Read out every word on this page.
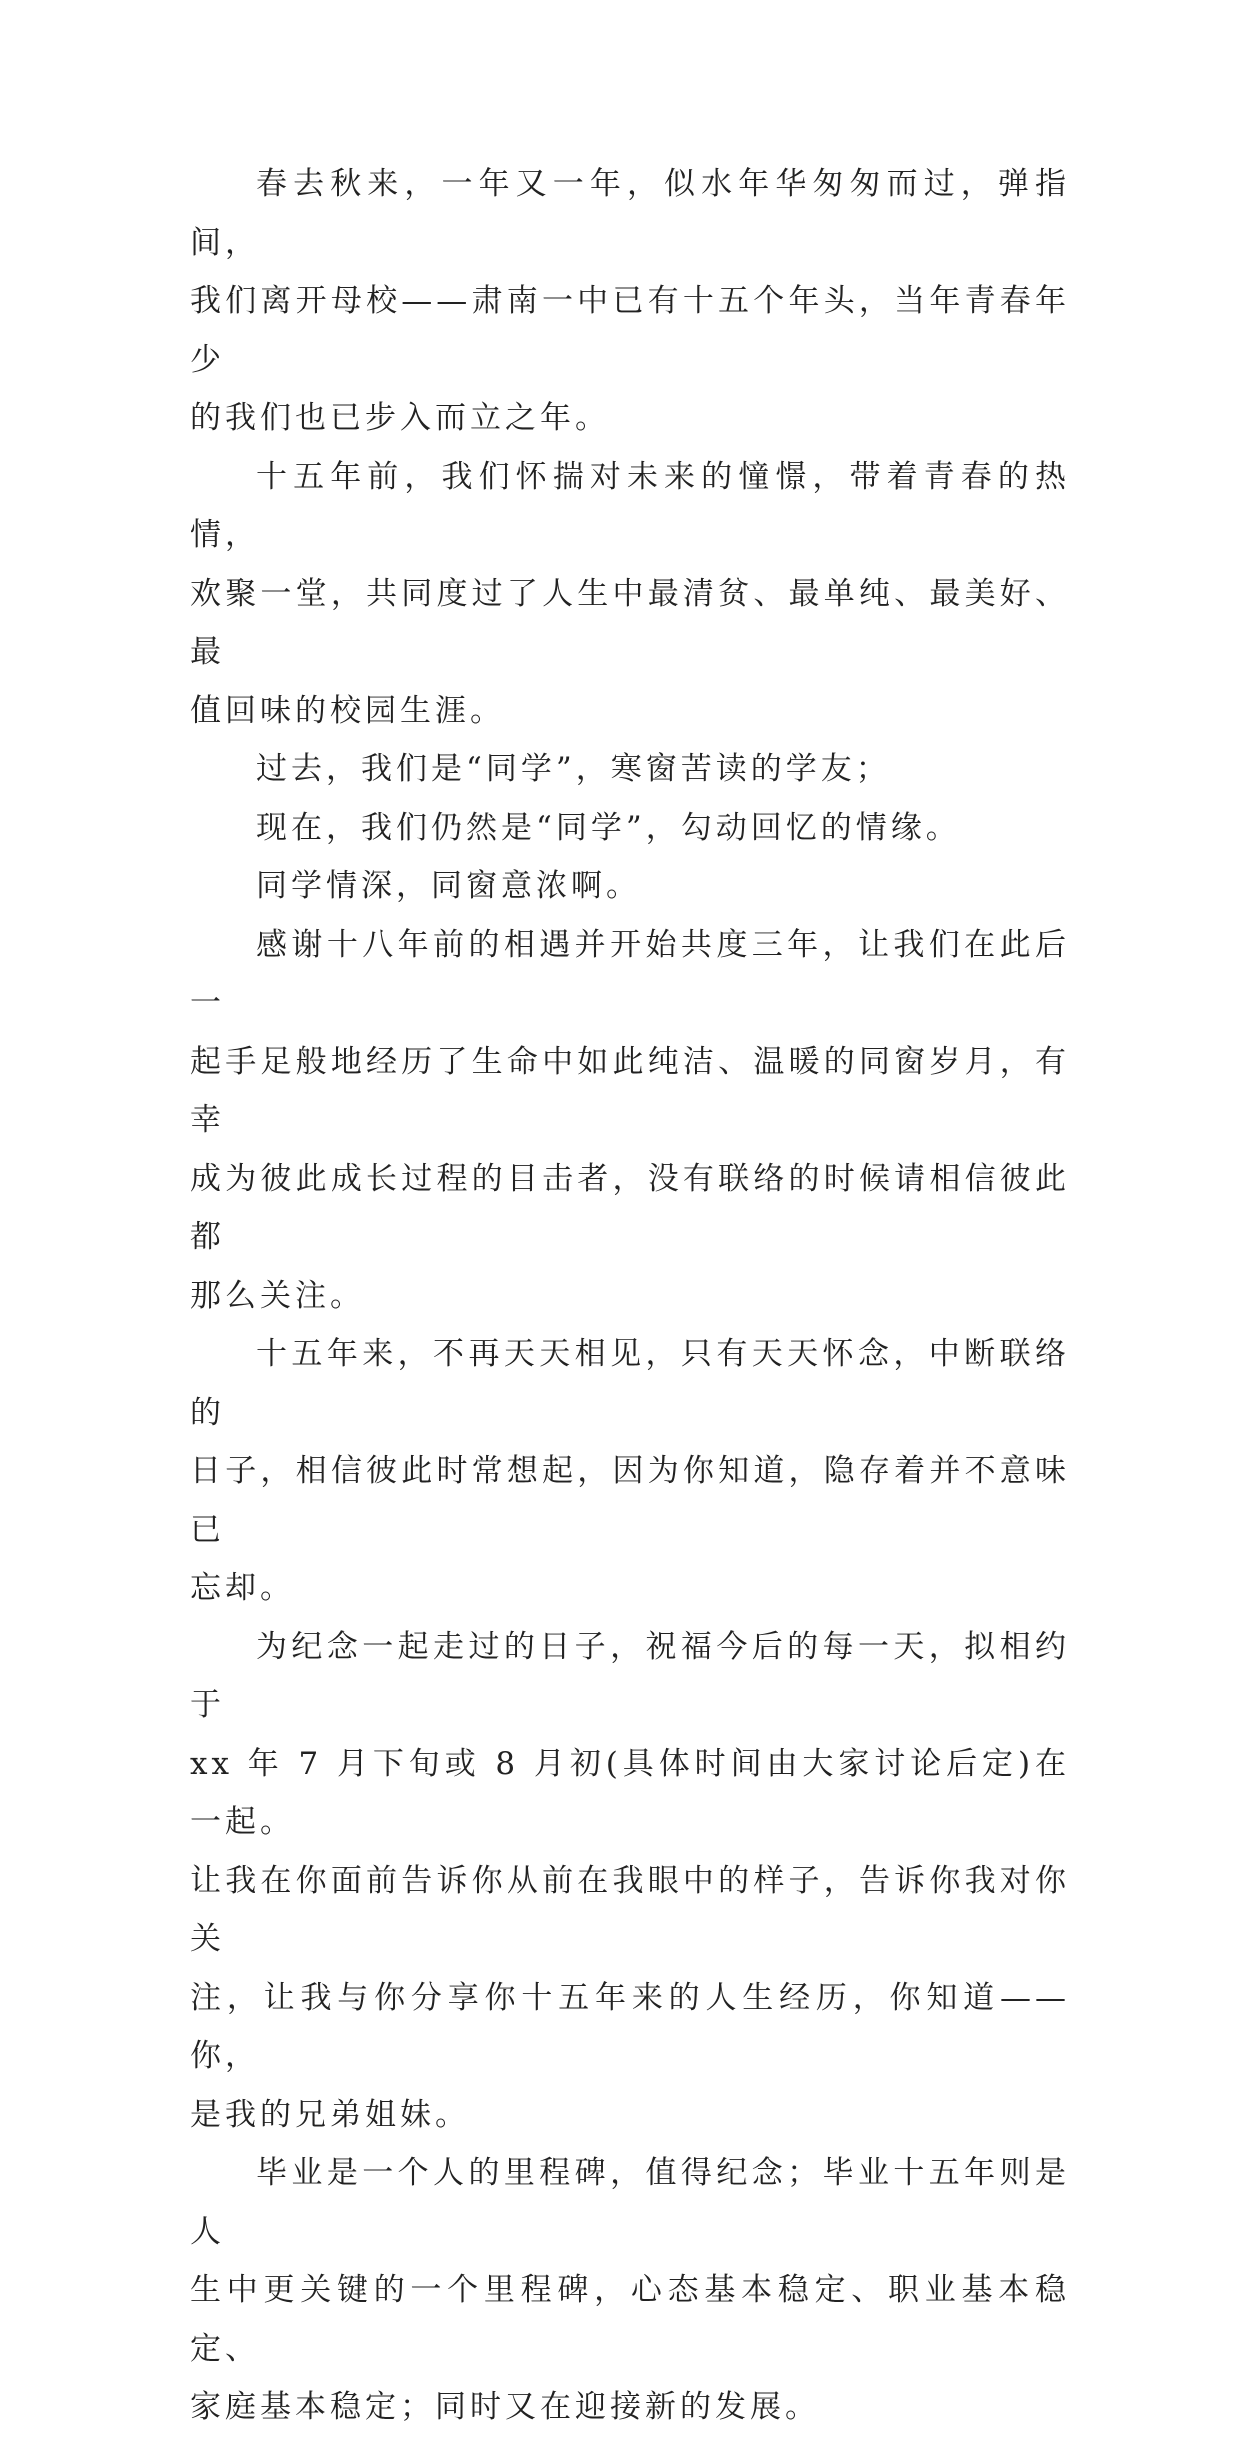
春去秋来，一年又一年，似水年华匆匆而过，弹指间，
我们离开母校——肃南一中已有十五个年头，当年青春年少
的我们也已步入而立之年。

十五年前，我们怀揣对未来的憧憬，带着青春的热情，
欢聚一堂，共同度过了人生中最清贫、最单纯、最美好、最
值回味的校园生涯。

过去，我们是“同学”，寒窗苦读的学友；

现在，我们仍然是“同学”，勾动回忆的情缘。

同学情深，同窗意浓啊。

感谢十八年前的相遇并开始共度三年，让我们在此后一
起手足般地经历了生命中如此纯洁、温暖的同窗岁月，有幸
成为彼此成长过程的目击者，没有联络的时候请相信彼此都
那么关注。

十五年来，不再天天相见，只有天天怀念，中断联络的
日子，相信彼此时常想起，因为你知道，隐存着并不意味已
忘却。

为纪念一起走过的日子，祝福今后的每一天，拟相约于
xx 年 7 月下旬或 8 月初(具体时间由大家讨论后定)在一起。
让我在你面前告诉你从前在我眼中的样子，告诉你我对你关
注，让我与你分享你十五年来的人生经历，你知道——你，
是我的兄弟姐妹。

毕业是一个人的里程碑，值得纪念；毕业十五年则是人
生中更关键的一个里程碑，心态基本稳定、职业基本稳定、
家庭基本稳定；同时又在迎接新的发展。
